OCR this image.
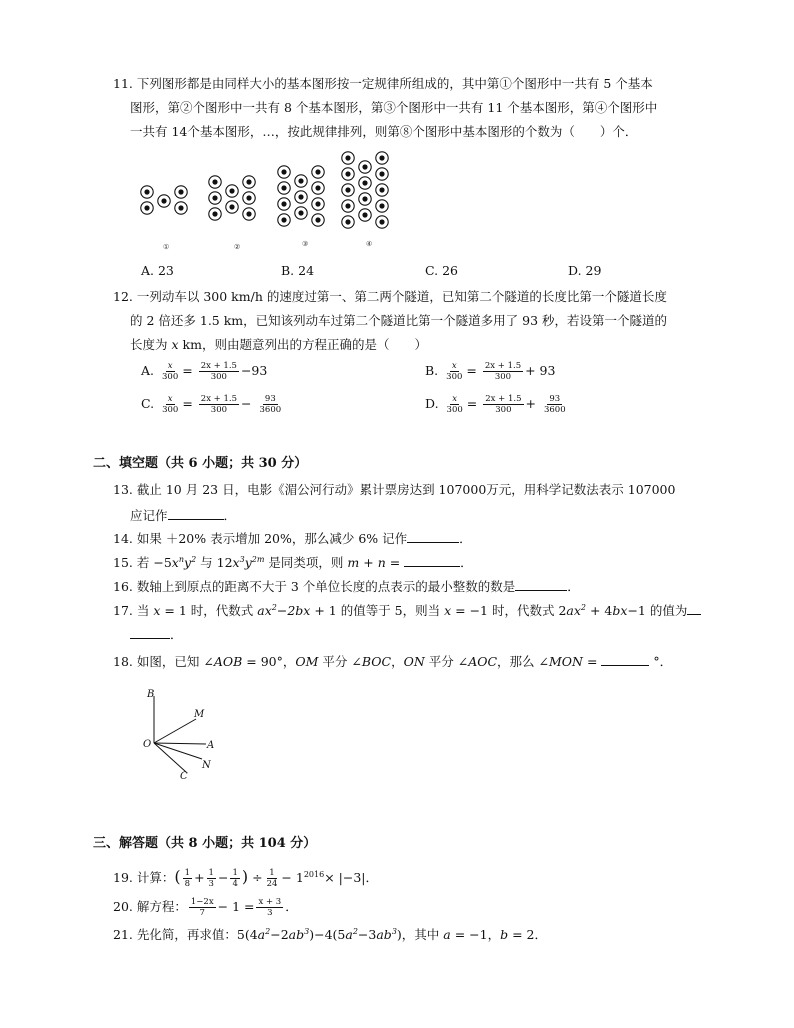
11. 下列图形都是由同样大小的基本图形按一定规律所组成的，其中第①个图形中一共有 5 个基本
图形，第②个图形中一共有 8 个基本图形，第③个图形中一共有 11 个基本图形，第④个图形中
一共有 14个基本图形，…，按此规律排列，则第⑧个图形中基本图形的个数为（　　）个．
①	②	③	④
A. 23	B. 24	C. 26	D. 29
12. 一列动车以 300 km/h 的速度过第一、第二两个隧道，已知第二个隧道的长度比第一个隧道长度
的 2 倍还多 1.5 km，已知该列动车过第二个隧道比第一个隧道多用了 93 秒，若设第一个隧道的
长度为 x km，则由题意列出的方程正确的是（　　）
A. $\frac{x}{300} = \frac{2x + 1.5}{300} -93$	B. $\frac{x}{300} = \frac{2x + 1.5}{300} + 93$
C. $\frac{x}{300} = \frac{2x + 1.5}{300} - \frac{93}{3600}$	D. $\frac{x}{300} = \frac{2x + 1.5}{300} + \frac{93}{3600}$
二、填空题（共 6 小题；共 30 分）
13. 截止 10 月 23 日，电影《湄公河行动》累计票房达到 107000万元，用科学记数法表示 107000
应记作	．
14. 如果 ＋20% 表示增加 20%，那么减少 6% 记作	．
15. 若 $-5x^ny^2$ 与 $12x^3y^{2m}$ 是同类项，则 m + n =	．
16. 数轴上到原点的距离不大于 3 个单位长度的点表示的最小整数的数是	．
17. 当 x = 1 时，代数式 $ax^2-2bx + 1$ 的值等于 5，则当 x = −1 时，代数式 $2ax^2 + 4bx-1$ 的值为
．
18. 如图，已知 ∠AOB = 90°，OM 平分 ∠BOC，ON 平分 ∠AOC，那么 ∠MON =	°．
B
M
O	A
N
C
三、解答题（共 8 小题；共 104 分）
19. 计算：( $\frac{1}{8} + \frac{1}{3} - \frac{1}{4}$ ) ÷ $\frac{1}{24} - 1^{2016}\times |-3|$．
20. 解方程： $\frac{1-2x}{7} - 1 = \frac{x + 3}{3}$ ．
21. 先化简，再求值：$5(4a^2-2ab^3)-4(5a^2-3ab^3)$，其中 a = −1，b = 2．
